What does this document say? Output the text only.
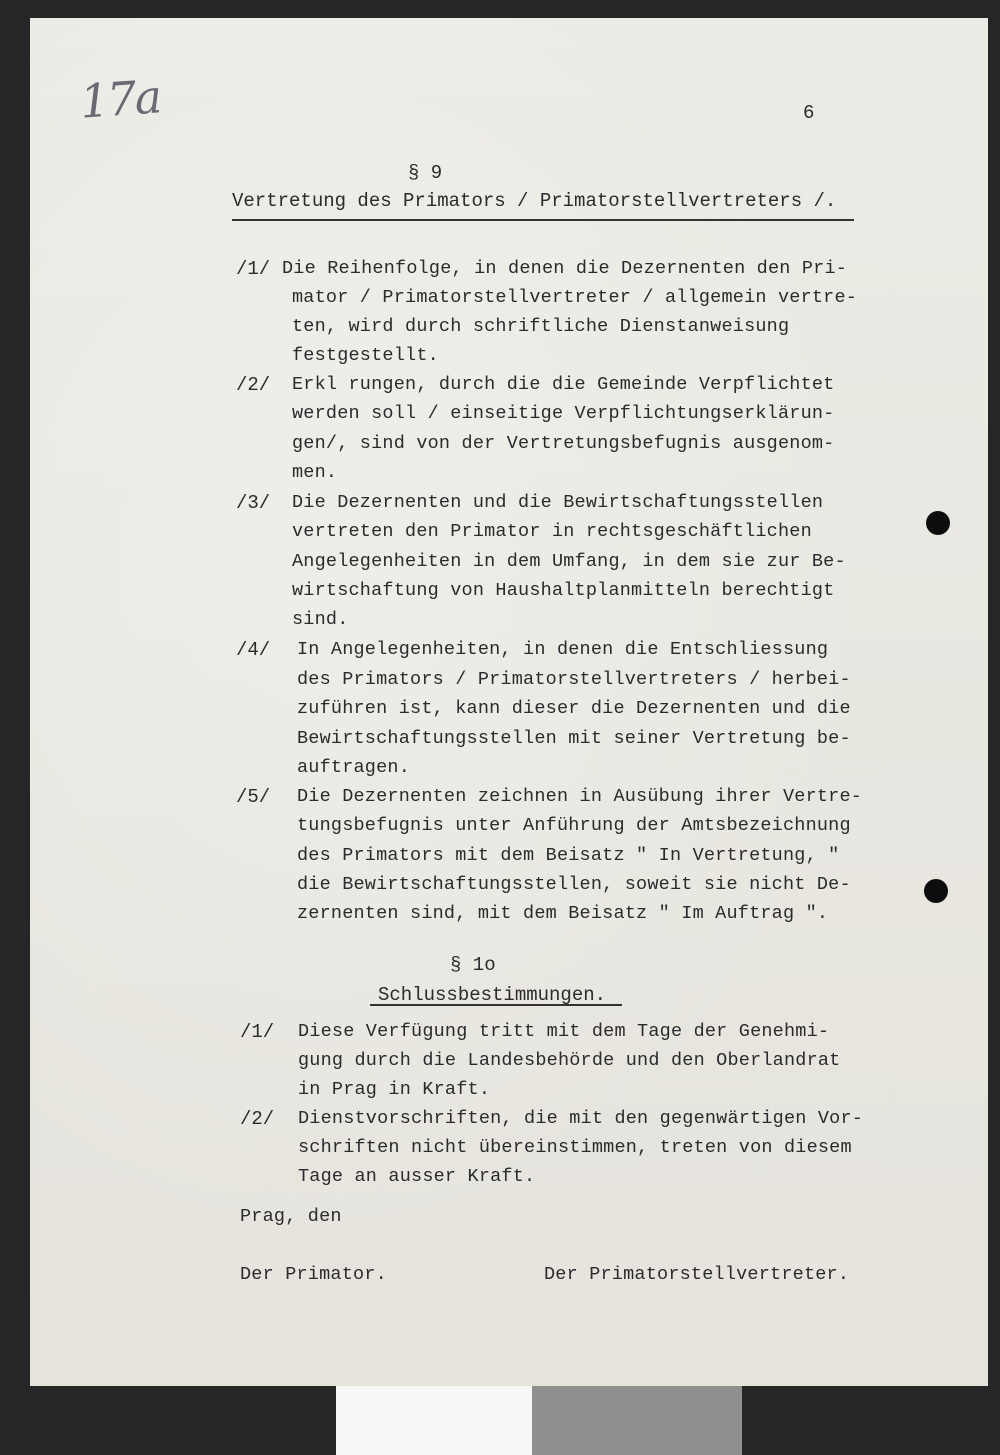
17a	6
§ 9
Vertretung des Primators / Primatorstellvertreters /.
/1/ Die Reihenfolge, in denen die Dezernenten den Pri-
mator / Primatorstellvertreter / allgemein vertre-
ten, wird durch schriftliche Dienstanweisung
festgestellt.
/2/ Erkl rungen, durch die die Gemeinde Verpflichtet
werden soll / einseitige Verpflichtungserklärun-
gen/, sind von der Vertretungsbefugnis ausgenom-
men.
/3/ Die Dezernenten und die Bewirtschaftungsstellen
vertreten den Primator in rechtsgeschäftlichen
Angelegenheiten in dem Umfang, in dem sie zur Be-
wirtschaftung von Haushaltplanmitteln berechtigt
sind.
/4/ In Angelegenheiten, in denen die Entschliessung
des Primators / Primatorstellvertreters / herbei-
zuführen ist, kann dieser die Dezernenten und die
Bewirtschaftungsstellen mit seiner Vertretung be-
auftragen.
/5/ Die Dezernenten zeichnen in Ausübung ihrer Vertre-
tungsbefugnis unter Anführung der Amtsbezeichnung
des Primators mit dem Beisatz " In Vertretung, "
die Bewirtschaftungsstellen, soweit sie nicht De-
zernenten sind, mit dem Beisatz " Im Auftrag ".
§ 1o
Schlussbestimmungen.
/1/ Diese Verfügung tritt mit dem Tage der Genehmi-
gung durch die Landesbehörde und den Oberlandrat
in Prag in Kraft.
/2/ Dienstvorschriften, die mit den gegenwärtigen Vor-
schriften nicht übereinstimmen, treten von diesem
Tage an ausser Kraft.
Prag, den
Der Primator.	Der Primatorstellvertreter.
